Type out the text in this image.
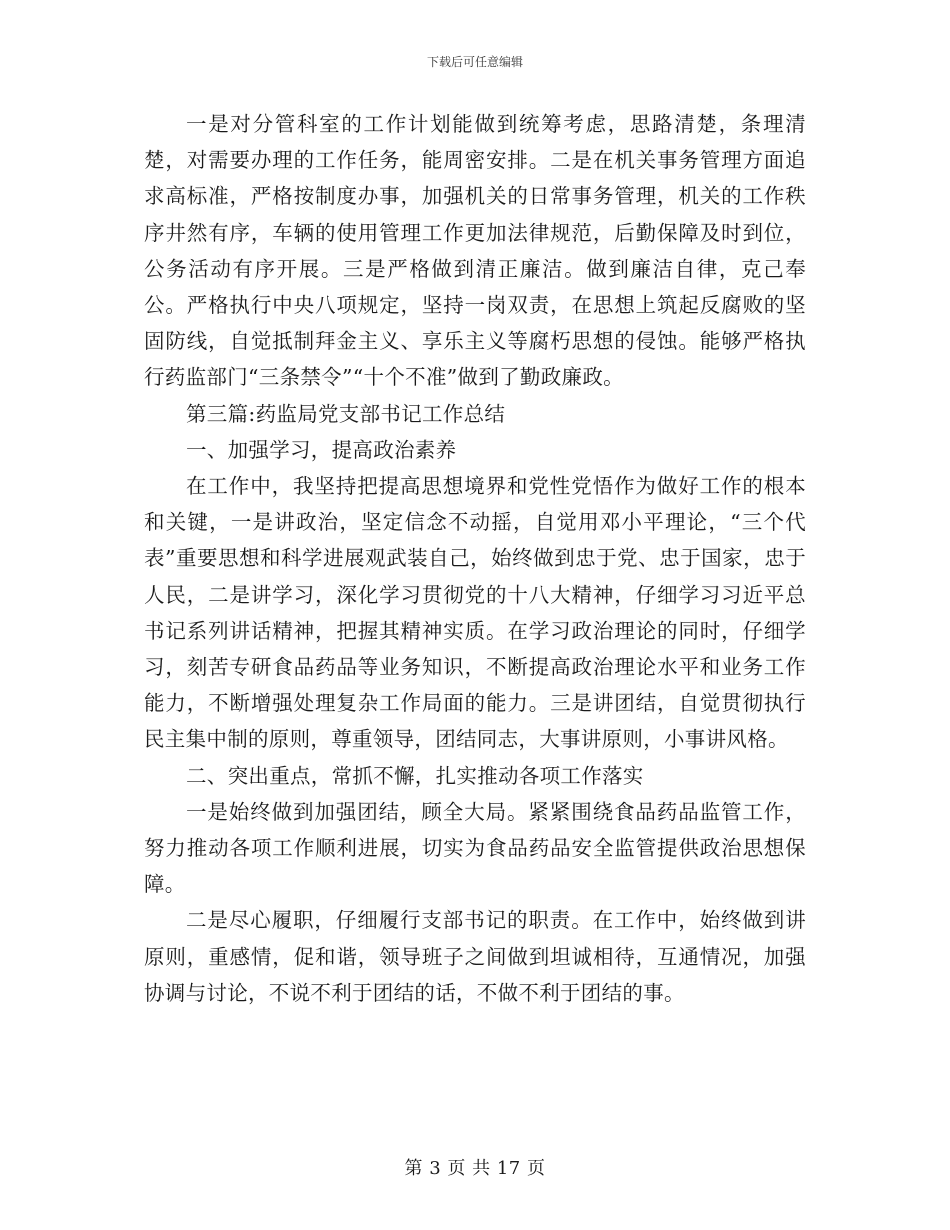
下载后可任意编辑

一是对分管科室的工作计划能做到统筹考虑，思路清楚，条理清楚，对需要办理的工作任务，能周密安排。二是在机关事务管理方面追求高标准，严格按制度办事，加强机关的日常事务管理，机关的工作秩序井然有序，车辆的使用管理工作更加法律规范，后勤保障及时到位，公务活动有序开展。三是严格做到清正廉洁。做到廉洁自律，克己奉公。严格执行中央八项规定，坚持一岗双责，在思想上筑起反腐败的坚固防线，自觉抵制拜金主义、享乐主义等腐朽思想的侵蚀。能够严格执行药监部门“三条禁令”“十个不准”做到了勤政廉政。

第三篇:药监局党支部书记工作总结

一、加强学习，提高政治素养

在工作中，我坚持把提高思想境界和党性党悟作为做好工作的根本和关键，一是讲政治，坚定信念不动摇，自觉用邓小平理论，“三个代表”重要思想和科学进展观武装自己，始终做到忠于党、忠于国家，忠于人民，二是讲学习，深化学习贯彻党的十八大精神，仔细学习习近平总书记系列讲话精神，把握其精神实质。在学习政治理论的同时，仔细学习，刻苦专研食品药品等业务知识，不断提高政治理论水平和业务工作能力，不断增强处理复杂工作局面的能力。三是讲团结，自觉贯彻执行民主集中制的原则，尊重领导，团结同志，大事讲原则，小事讲风格。

二、突出重点，常抓不懈，扎实推动各项工作落实

一是始终做到加强团结，顾全大局。紧紧围绕食品药品监管工作，努力推动各项工作顺利进展，切实为食品药品安全监管提供政治思想保障。

二是尽心履职，仔细履行支部书记的职责。在工作中，始终做到讲原则，重感情，促和谐，领导班子之间做到坦诚相待，互通情况，加强协调与讨论，不说不利于团结的话，不做不利于团结的事。

第 3 页 共 17 页
